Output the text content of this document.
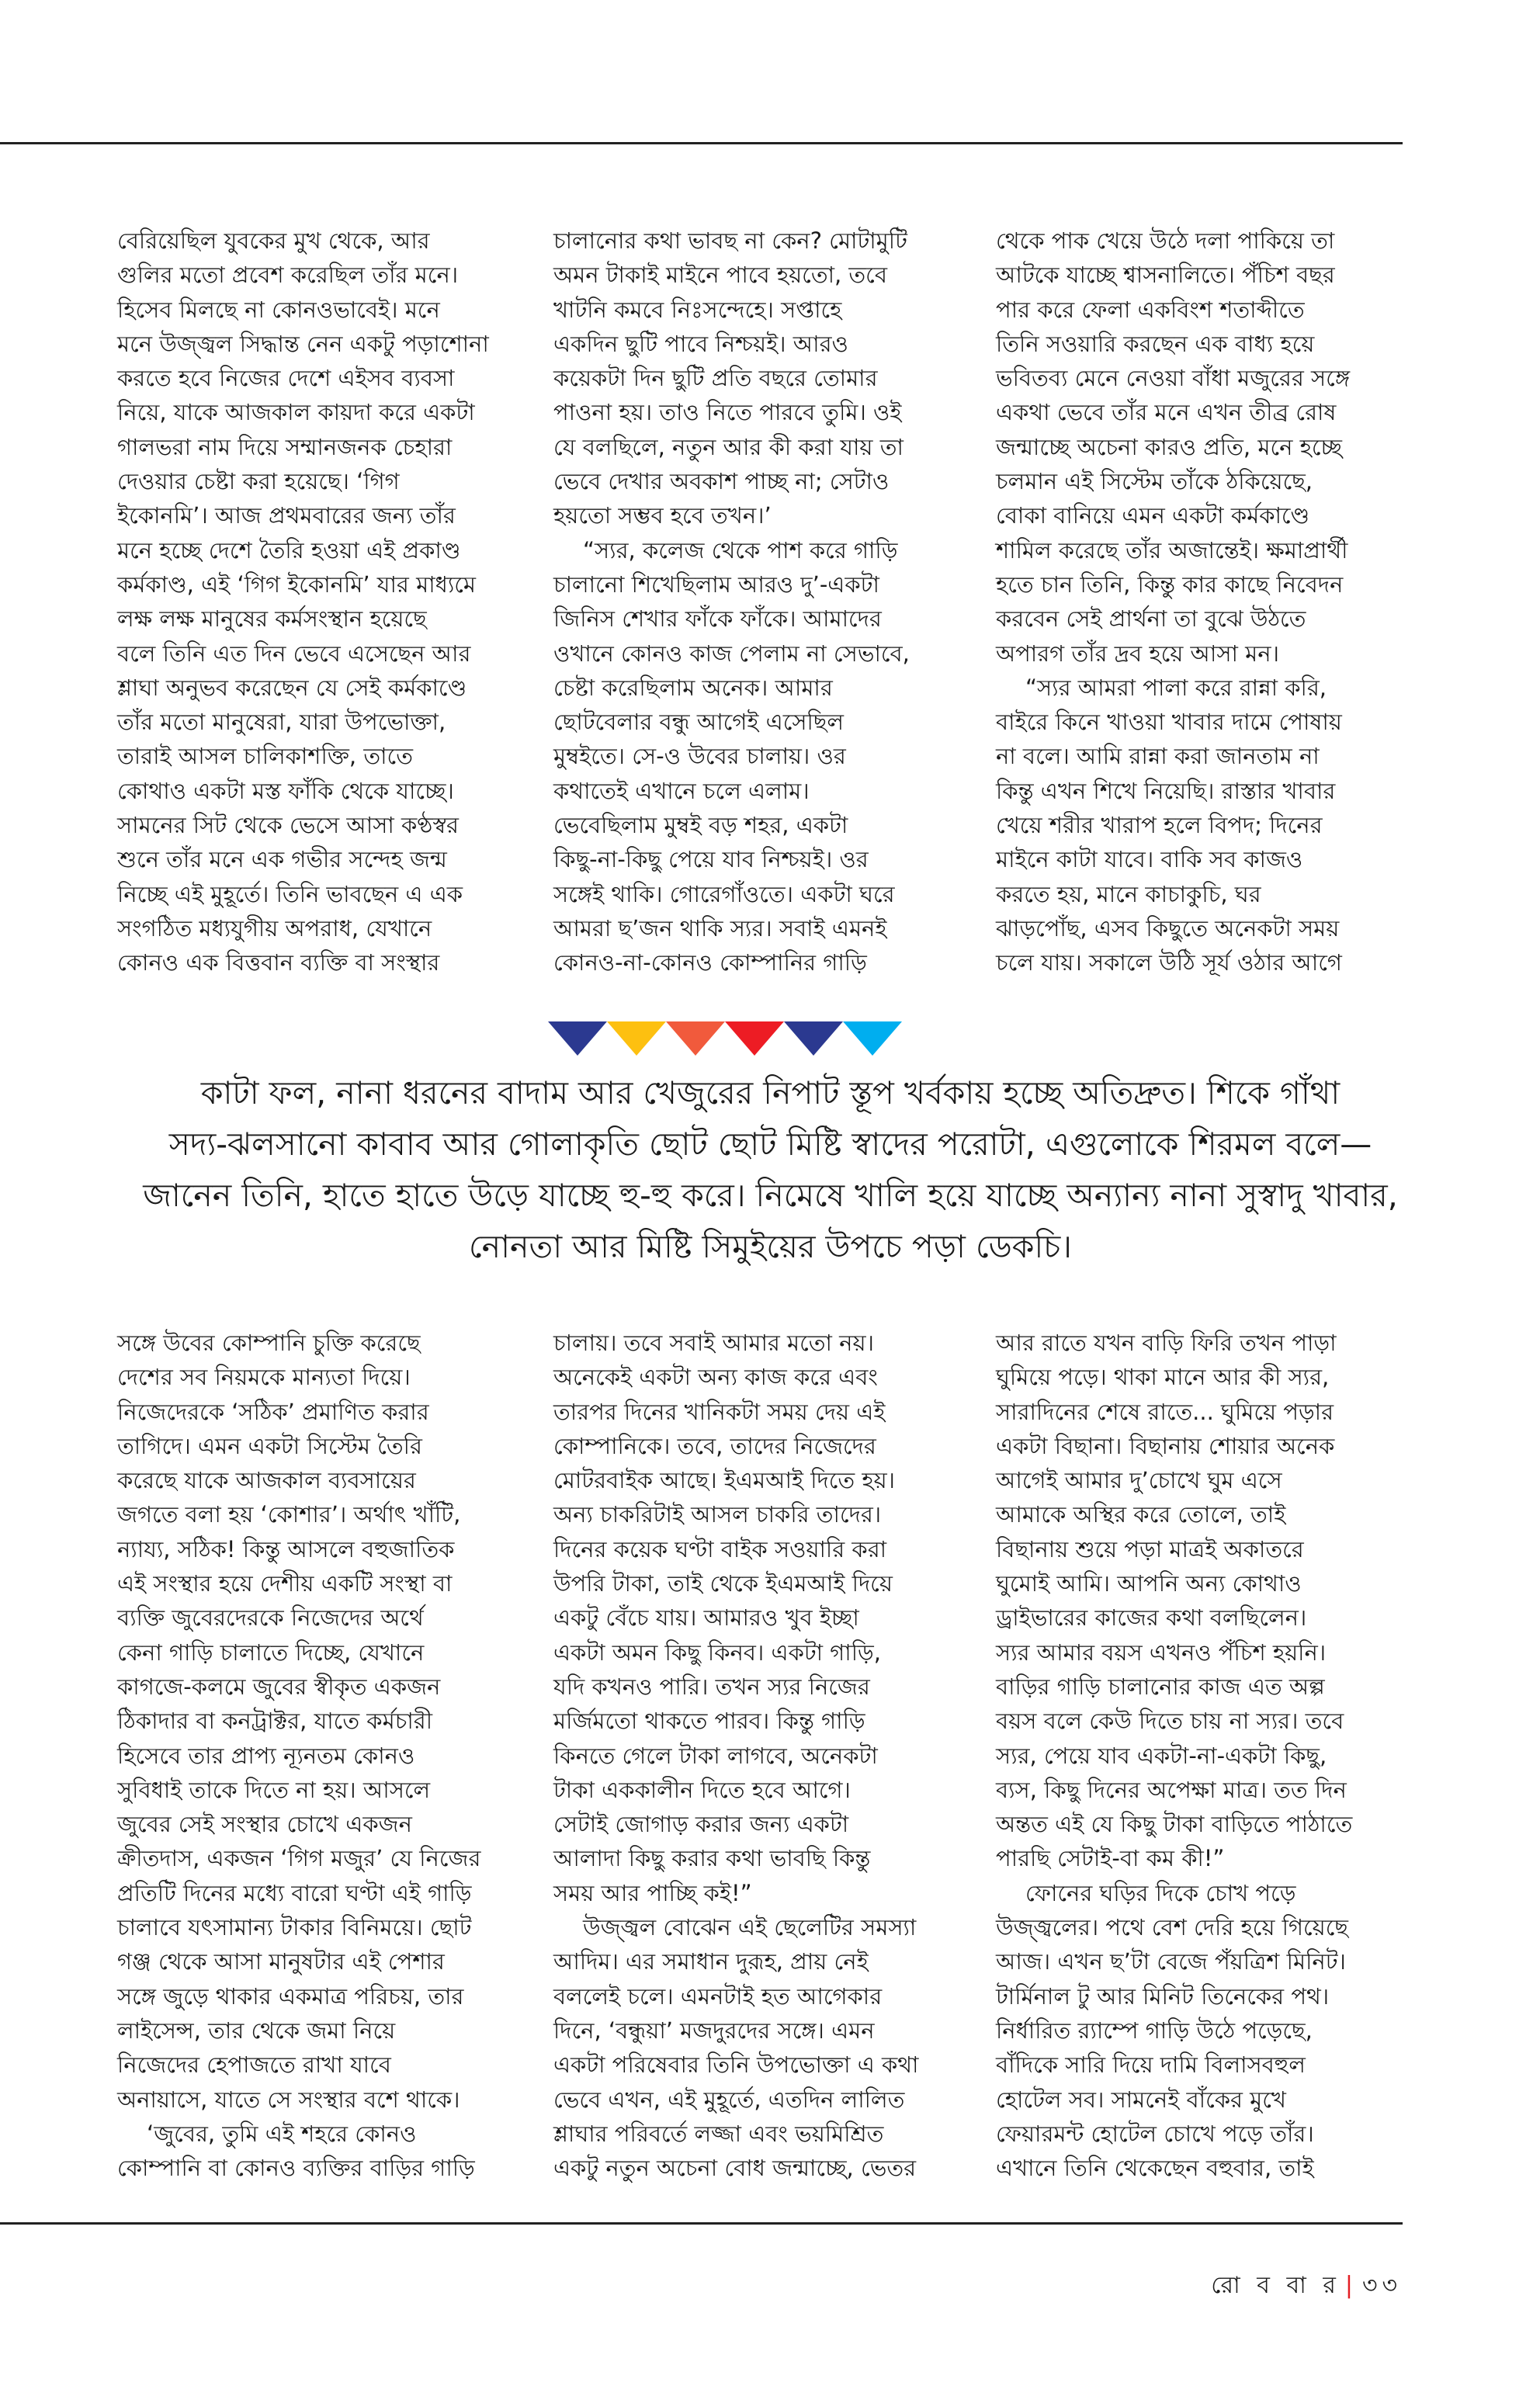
বেরিয়েছিল যুবকের মুখ থেকে, আর
গুলির মতো প্রবেশ করেছিল তাঁর মনে।
হিসেব মিলছে না কোনওভাবেই। মনে
মনে উজ্জ্বল সিদ্ধান্ত নেন একটু পড়াশোনা
করতে হবে নিজের দেশে এইসব ব্যবসা
নিয়ে, যাকে আজকাল কায়দা করে একটা
গালভরা নাম দিয়ে সম্মানজনক চেহারা
দেওয়ার চেষ্টা করা হয়েছে। ‘গিগ
ইকোনমি’। আজ প্রথমবারের জন্য তাঁর
মনে হচ্ছে দেশে তৈরি হওয়া এই প্রকাণ্ড
কর্মকাণ্ড, এই ‘গিগ ইকোনমি’ যার মাধ্যমে
লক্ষ লক্ষ মানুষের কর্মসংস্থান হয়েছে
বলে তিনি এত দিন ভেবে এসেছেন আর
শ্লাঘা অনুভব করেছেন যে সেই কর্মকাণ্ডে
তাঁর মতো মানুষেরা, যারা উপভোক্তা,
তারাই আসল চালিকাশক্তি, তাতে
কোথাও একটা মস্ত ফাঁকি থেকে যাচ্ছে।
সামনের সিট থেকে ভেসে আসা কণ্ঠস্বর
শুনে তাঁর মনে এক গভীর সন্দেহ জন্ম
নিচ্ছে এই মুহূর্তে। তিনি ভাবছেন এ এক
সংগঠিত মধ্যযুগীয় অপরাধ, যেখানে
কোনও এক বিত্তবান ব্যক্তি বা সংস্থার
চালানোর কথা ভাবছ না কেন? মোটামুটি
অমন টাকাই মাইনে পাবে হয়তো, তবে
খাটনি কমবে নিঃসন্দেহে। সপ্তাহে
একদিন ছুটি পাবে নিশ্চয়ই। আরও
কয়েকটা দিন ছুটি প্রতি বছরে তোমার
পাওনা হয়। তাও নিতে পারবে তুমি। ওই
যে বলছিলে, নতুন আর কী করা যায় তা
ভেবে দেখার অবকাশ পাচ্ছ না; সেটাও
হয়তো সম্ভব হবে তখন।’
“স্যর, কলেজ থেকে পাশ করে গাড়ি
চালানো শিখেছিলাম আরও দু’-একটা
জিনিস শেখার ফাঁকে ফাঁকে। আমাদের
ওখানে কোনও কাজ পেলাম না সেভাবে,
চেষ্টা করেছিলাম অনেক। আমার
ছোটবেলার বন্ধু আগেই এসেছিল
মুম্বইতে। সে-ও উবের চালায়। ওর
কথাতেই এখানে চলে এলাম।
ভেবেছিলাম মুম্বই বড় শহর, একটা
কিছু-না-কিছু পেয়ে যাব নিশ্চয়ই। ওর
সঙ্গেই থাকি। গোরেগাঁওতে। একটা ঘরে
আমরা ছ’জন থাকি স্যর। সবাই এমনই
কোনও-না-কোনও কোম্পানির গাড়ি
থেকে পাক খেয়ে উঠে দলা পাকিয়ে তা
আটকে যাচ্ছে শ্বাসনালিতে। পঁচিশ বছর
পার করে ফেলা একবিংশ শতাব্দীতে
তিনি সওয়ারি করছেন এক বাধ্য হয়ে
ভবিতব্য মেনে নেওয়া বাঁধা মজুরের সঙ্গে
একথা ভেবে তাঁর মনে এখন তীব্র রোষ
জন্মাচ্ছে অচেনা কারও প্রতি, মনে হচ্ছে
চলমান এই সিস্টেম তাঁকে ঠকিয়েছে,
বোকা বানিয়ে এমন একটা কর্মকাণ্ডে
শামিল করেছে তাঁর অজান্তেই। ক্ষমাপ্রার্থী
হতে চান তিনি, কিন্তু কার কাছে নিবেদন
করবেন সেই প্রার্থনা তা বুঝে উঠতে
অপারগ তাঁর দ্রব হয়ে আসা মন।
“স্যর আমরা পালা করে রান্না করি,
বাইরে কিনে খাওয়া খাবার দামে পোষায়
না বলে। আমি রান্না করা জানতাম না
কিন্তু এখন শিখে নিয়েছি। রাস্তার খাবার
খেয়ে শরীর খারাপ হলে বিপদ; দিনের
মাইনে কাটা যাবে। বাকি সব কাজও
করতে হয়, মানে কাচাকুচি, ঘর
ঝাড়পোঁছ, এসব কিছুতে অনেকটা সময়
চলে যায়। সকালে উঠি সূর্য ওঠার আগে
কাটা ফল, নানা ধরনের বাদাম আর খেজুরের নিপাট স্তূপ খর্বকায় হচ্ছে অতিদ্রুত। শিকে গাঁথা
সদ্য-ঝলসানো কাবাব আর গোলাকৃতি ছোট ছোট মিষ্টি স্বাদের পরোটা, এগুলোকে শিরমল বলে—
জানেন তিনি, হাতে হাতে উড়ে যাচ্ছে হু-হু করে। নিমেষে খালি হয়ে যাচ্ছে অন্যান্য নানা সুস্বাদু খাবার,
নোনতা আর মিষ্টি সিমুইয়ের উপচে পড়া ডেকচি।
সঙ্গে উবের কোম্পানি চুক্তি করেছে
দেশের সব নিয়মকে মান্যতা দিয়ে।
নিজেদেরকে ‘সঠিক’ প্রমাণিত করার
তাগিদে। এমন একটা সিস্টেম তৈরি
করেছে যাকে আজকাল ব্যবসায়ের
জগতে বলা হয় ‘কোশার’। অর্থাৎ খাঁটি,
ন্যায্য, সঠিক! কিন্তু আসলে বহুজাতিক
এই সংস্থার হয়ে দেশীয় একটি সংস্থা বা
ব্যক্তি জুবেরদেরকে নিজেদের অর্থে
কেনা গাড়ি চালাতে দিচ্ছে, যেখানে
কাগজে-কলমে জুবের স্বীকৃত একজন
ঠিকাদার বা কনট্রাক্টর, যাতে কর্মচারী
হিসেবে তার প্রাপ্য ন্যূনতম কোনও
সুবিধাই তাকে দিতে না হয়। আসলে
জুবের সেই সংস্থার চোখে একজন
ক্রীতদাস, একজন ‘গিগ মজুর’ যে নিজের
প্রতিটি দিনের মধ্যে বারো ঘণ্টা এই গাড়ি
চালাবে যৎসামান্য টাকার বিনিময়ে। ছোট
গঞ্জ থেকে আসা মানুষটার এই পেশার
সঙ্গে জুড়ে থাকার একমাত্র পরিচয়, তার
লাইসেন্স, তার থেকে জমা নিয়ে
নিজেদের হেপাজতে রাখা যাবে
অনায়াসে, যাতে সে সংস্থার বশে থাকে।
‘জুবের, তুমি এই শহরে কোনও
কোম্পানি বা কোনও ব্যক্তির বাড়ির গাড়ি
চালায়। তবে সবাই আমার মতো নয়।
অনেকেই একটা অন্য কাজ করে এবং
তারপর দিনের খানিকটা সময় দেয় এই
কোম্পানিকে। তবে, তাদের নিজেদের
মোটরবাইক আছে। ইএমআই দিতে হয়।
অন্য চাকরিটাই আসল চাকরি তাদের।
দিনের কয়েক ঘণ্টা বাইক সওয়ারি করা
উপরি টাকা, তাই থেকে ইএমআই দিয়ে
একটু বেঁচে যায়। আমারও খুব ইচ্ছা
একটা অমন কিছু কিনব। একটা গাড়ি,
যদি কখনও পারি। তখন স্যর নিজের
মর্জিমতো থাকতে পারব। কিন্তু গাড়ি
কিনতে গেলে টাকা লাগবে, অনেকটা
টাকা এককালীন দিতে হবে আগে।
সেটাই জোগাড় করার জন্য একটা
আলাদা কিছু করার কথা ভাবছি কিন্তু
সময় আর পাচ্ছি কই!”
উজ্জ্বল বোঝেন এই ছেলেটির সমস্যা
আদিম। এর সমাধান দুরূহ, প্রায় নেই
বললেই চলে। এমনটাই হত আগেকার
দিনে, ‘বন্ধুয়া’ মজদুরদের সঙ্গে। এমন
একটা পরিষেবার তিনি উপভোক্তা এ কথা
ভেবে এখন, এই মুহূর্তে, এতদিন লালিত
শ্লাঘার পরিবর্তে লজ্জা এবং ভয়মিশ্রিত
একটু নতুন অচেনা বোধ জন্মাচ্ছে, ভেতর
আর রাতে যখন বাড়ি ফিরি তখন পাড়া
ঘুমিয়ে পড়ে। থাকা মানে আর কী স্যর,
সারাদিনের শেষে রাতে... ঘুমিয়ে পড়ার
একটা বিছানা। বিছানায় শোয়ার অনেক
আগেই আমার দু’চোখে ঘুম এসে
আমাকে অস্থির করে তোলে, তাই
বিছানায় শুয়ে পড়া মাত্রই অকাতরে
ঘুমোই আমি। আপনি অন্য কোথাও
ড্রাইভারের কাজের কথা বলছিলেন।
স্যর আমার বয়স এখনও পঁচিশ হয়নি।
বাড়ির গাড়ি চালানোর কাজ এত অল্প
বয়স বলে কেউ দিতে চায় না স্যর। তবে
স্যর, পেয়ে যাব একটা-না-একটা কিছু,
ব্যস, কিছু দিনের অপেক্ষা মাত্র। তত দিন
অন্তত এই যে কিছু টাকা বাড়িতে পাঠাতে
পারছি সেটাই-বা কম কী!”
ফোনের ঘড়ির দিকে চোখ পড়ে
উজ্জ্বলের। পথে বেশ দেরি হয়ে গিয়েছে
আজ। এখন ছ’টা বেজে পঁয়ত্রিশ মিনিট।
টার্মিনাল টু আর মিনিট তিনেকের পথ।
নির্ধারিত র‍্যাম্পে গাড়ি উঠে পড়েছে,
বাঁদিকে সারি দিয়ে দামি বিলাসবহুল
হোটেল সব। সামনেই বাঁকের মুখে
ফেয়ারমন্ট হোটেল চোখে পড়ে তাঁর।
এখানে তিনি থেকেছেন বহুবার, তাই
রো ব বা র | ৩৩
